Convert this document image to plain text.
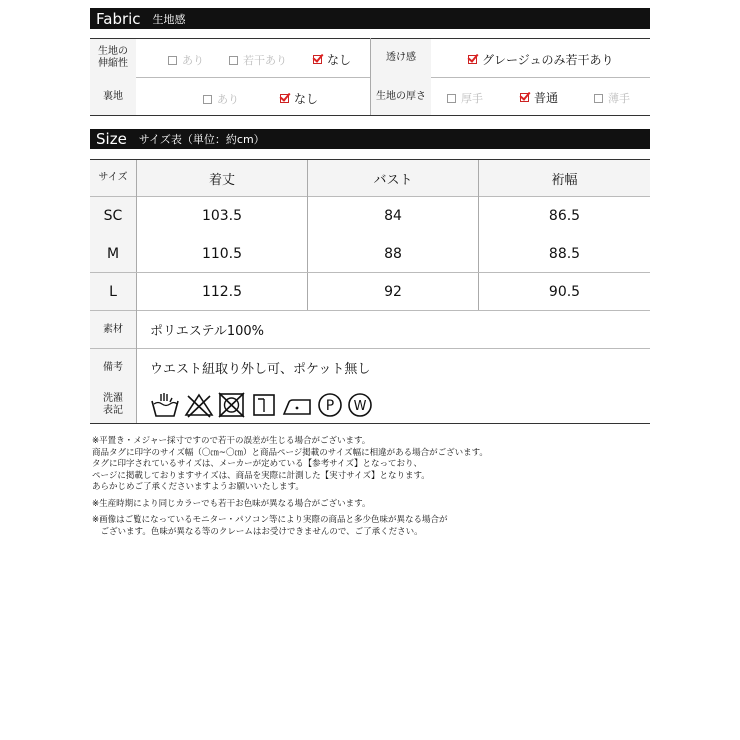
Fabric 生地感
生地の
伸縮性	あり	若干あり	なし	透け感	グレージュのみ若干あり
裏地	あり	なし	生地の厚さ	厚手	普通	薄手
Size サイズ表（単位：約cm）
サイズ	着丈	バスト	裄幅
SC	103.5	84	86.5
M	110.5	88	88.5
L	112.5	92	90.5
素材	ポリエステル100%
備考	ウエスト紐取り外し可、ポケット無し
洗濯
表記	P W
※平置き・メジャー採寸ですので若干の誤差が生じる場合がございます。
商品タグに印字のサイズ幅（〇㎝~〇㎝）と商品ページ掲載のサイズ幅に相違がある場合がございます。
タグに印字されているサイズは、メーカーが定めている【参考サイズ】となっており、
ページに掲載しておりますサイズは、商品を実際に計測した【実寸サイズ】となります。
あらかじめご了承くださいますようお願いいたします。
※生産時期により同じカラーでも若干お色味が異なる場合がございます。
※画像はご覧になっているモニター・パソコン等により実際の商品と多少色味が異なる場合が
　ございます。色味が異なる等のクレームはお受けできませんので、ご了承ください。
